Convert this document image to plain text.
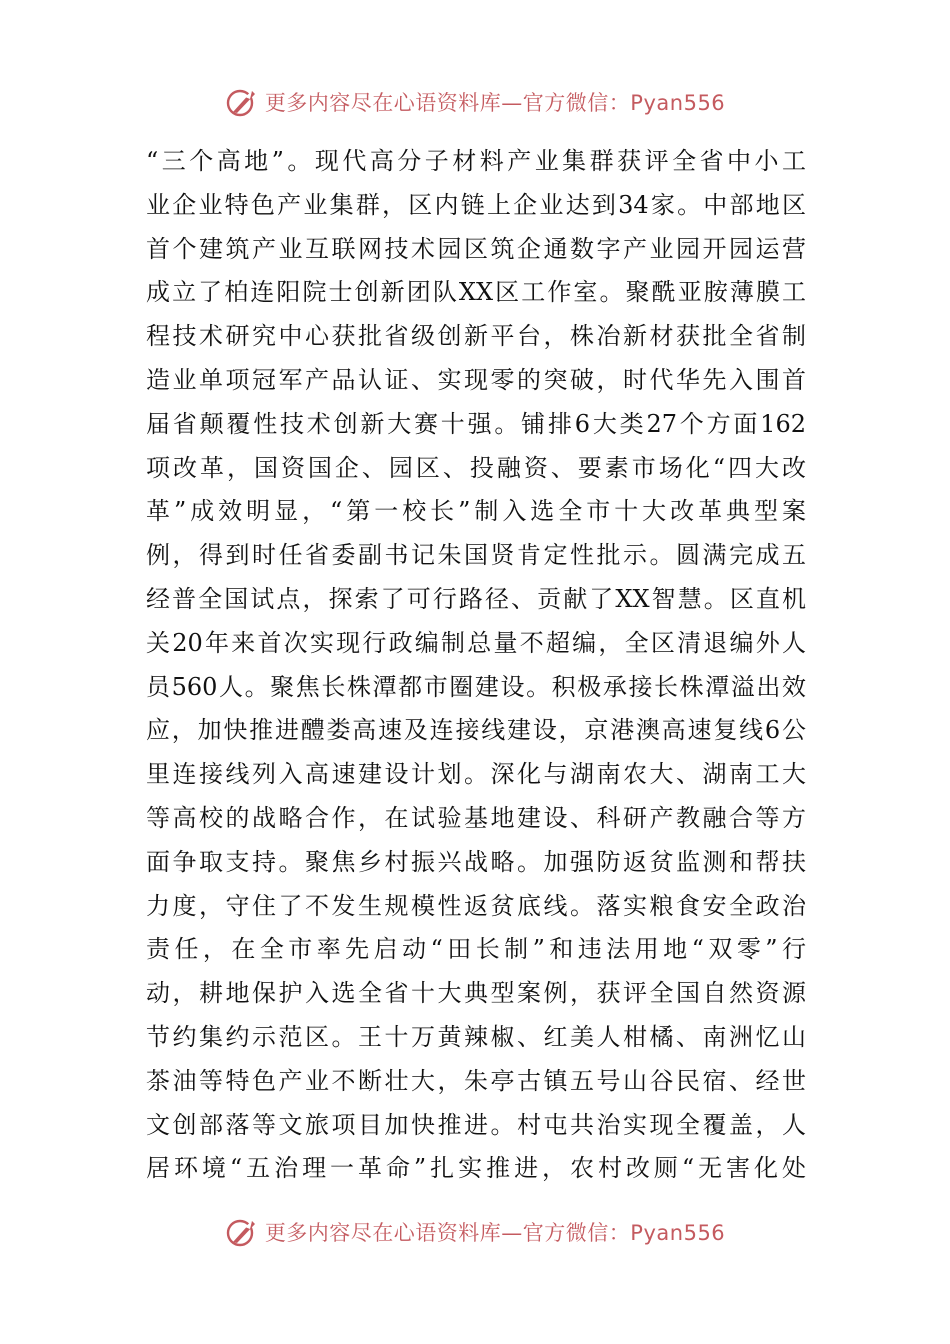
更多内容尽在心语资料库—官方微信：Pyan556
“三个高地”。现代高分子材料产业集群获评全省中小工
业企业特色产业集群，区内链上企业达到34家。中部地区
首个建筑产业互联网技术园区筑企通数字产业园开园运营
成立了柏连阳院士创新团队XX区工作室。聚酰亚胺薄膜工
程技术研究中心获批省级创新平台，株冶新材获批全省制
造业单项冠军产品认证、实现零的突破，时代华先入围首
届省颠覆性技术创新大赛十强。铺排6大类27个方面162
项改革，国资国企、园区、投融资、要素市场化“四大改
革”成效明显，“第一校长”制入选全市十大改革典型案
例，得到时任省委副书记朱国贤肯定性批示。圆满完成五
经普全国试点，探索了可行路径、贡献了XX智慧。区直机
关20年来首次实现行政编制总量不超编，全区清退编外人
员560人。聚焦长株潭都市圈建设。积极承接长株潭溢出效
应，加快推进醴娄高速及连接线建设，京港澳高速复线6公
里连接线列入高速建设计划。深化与湖南农大、湖南工大
等高校的战略合作，在试验基地建设、科研产教融合等方
面争取支持。聚焦乡村振兴战略。加强防返贫监测和帮扶
力度，守住了不发生规模性返贫底线。落实粮食安全政治
责任，在全市率先启动“田长制”和违法用地“双零”行
动，耕地保护入选全省十大典型案例，获评全国自然资源
节约集约示范区。王十万黄辣椒、红美人柑橘、南洲忆山
茶油等特色产业不断壮大，朱亭古镇五号山谷民宿、经世
文创部落等文旅项目加快推进。村屯共治实现全覆盖，人
居环境“五治理一革命”扎实推进，农村改厕“无害化处
更多内容尽在心语资料库—官方微信：Pyan556
